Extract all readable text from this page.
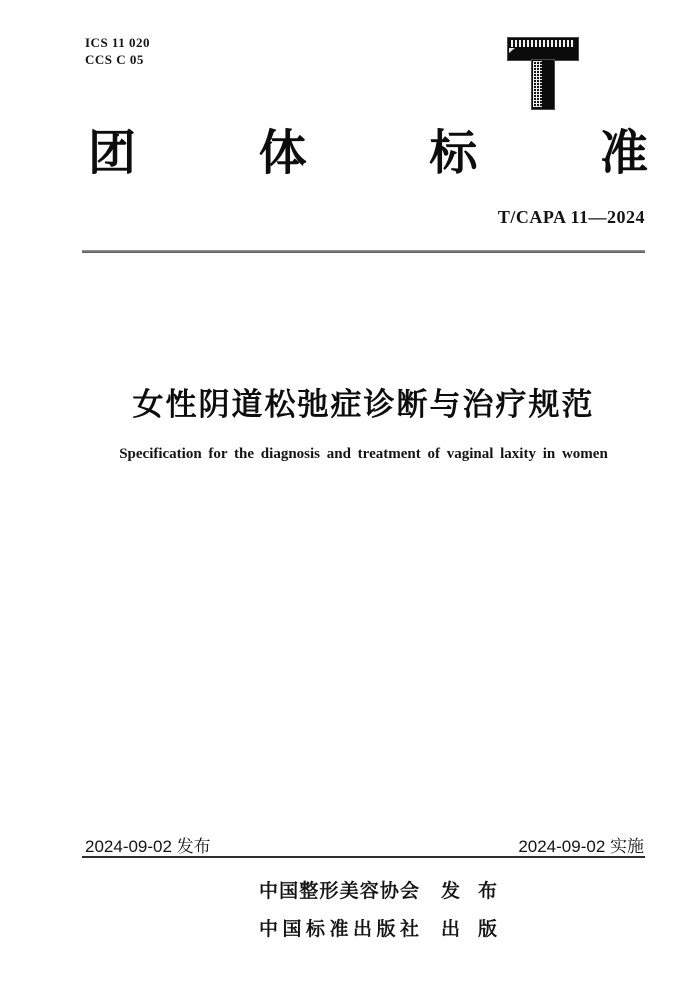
ICS 11 020
CCS C 05
团	体	标	准
T/CAPA 11—2024
女性阴道松弛症诊断与治疗规范
Specification for the diagnosis and treatment of vaginal laxity in women
2024-09-02 发布	2024-09-02 实施
中国整形美容协会 发 布
中国标准出版社 出 版
